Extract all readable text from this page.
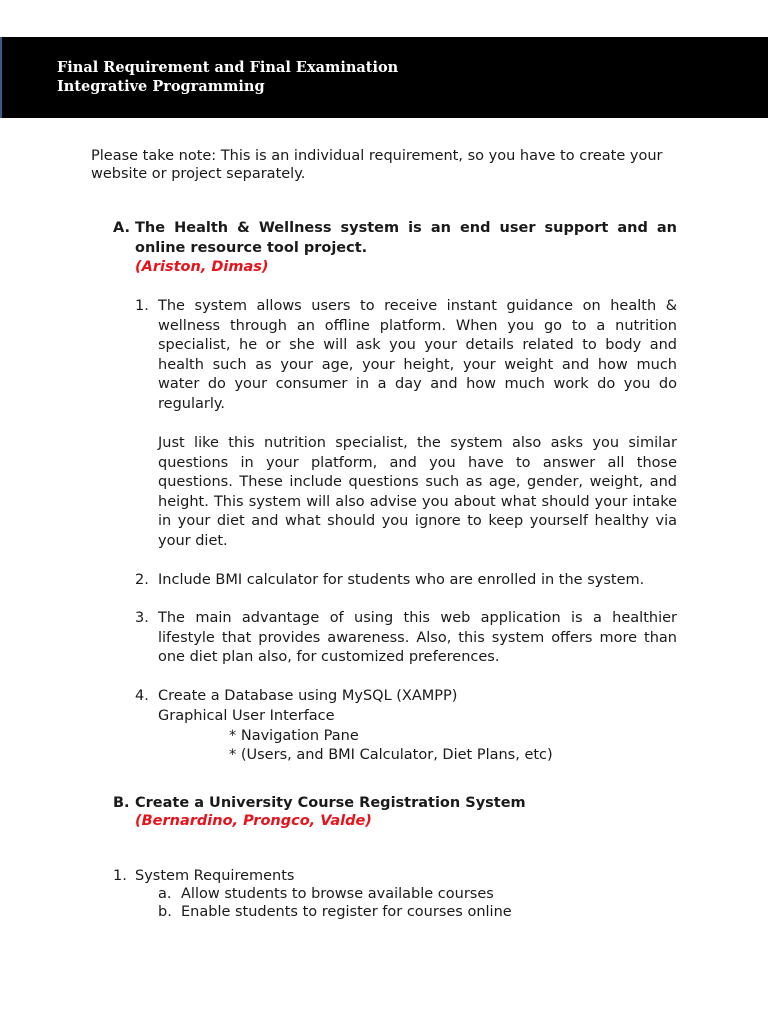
Final Requirement and Final Examination
Integrative Programming
Please take note: This is an individual requirement, so you have to create your website or project separately.
A. The Health & Wellness system is an end user support and an online resource tool project.
(Ariston, Dimas)
1. The system allows users to receive instant guidance on health & wellness through an offline platform. When you go to a nutrition specialist, he or she will ask you your details related to body and health such as your age, your height, your weight and how much water do your consumer in a day and how much work do you do regularly.
Just like this nutrition specialist, the system also asks you similar questions in your platform, and you have to answer all those questions. These include questions such as age, gender, weight, and height. This system will also advise you about what should your intake in your diet and what should you ignore to keep yourself healthy via your diet.
2. Include BMI calculator for students who are enrolled in the system.
3. The main advantage of using this web application is a healthier lifestyle that provides awareness. Also, this system offers more than one diet plan also, for customized preferences.
4. Create a Database using MySQL (XAMPP)
Graphical User Interface
* Navigation Pane
* (Users, and BMI Calculator, Diet Plans, etc)
B. Create a University Course Registration System
(Bernardino, Prongco, Valde)
1. System Requirements
a. Allow students to browse available courses
b. Enable students to register for courses online
